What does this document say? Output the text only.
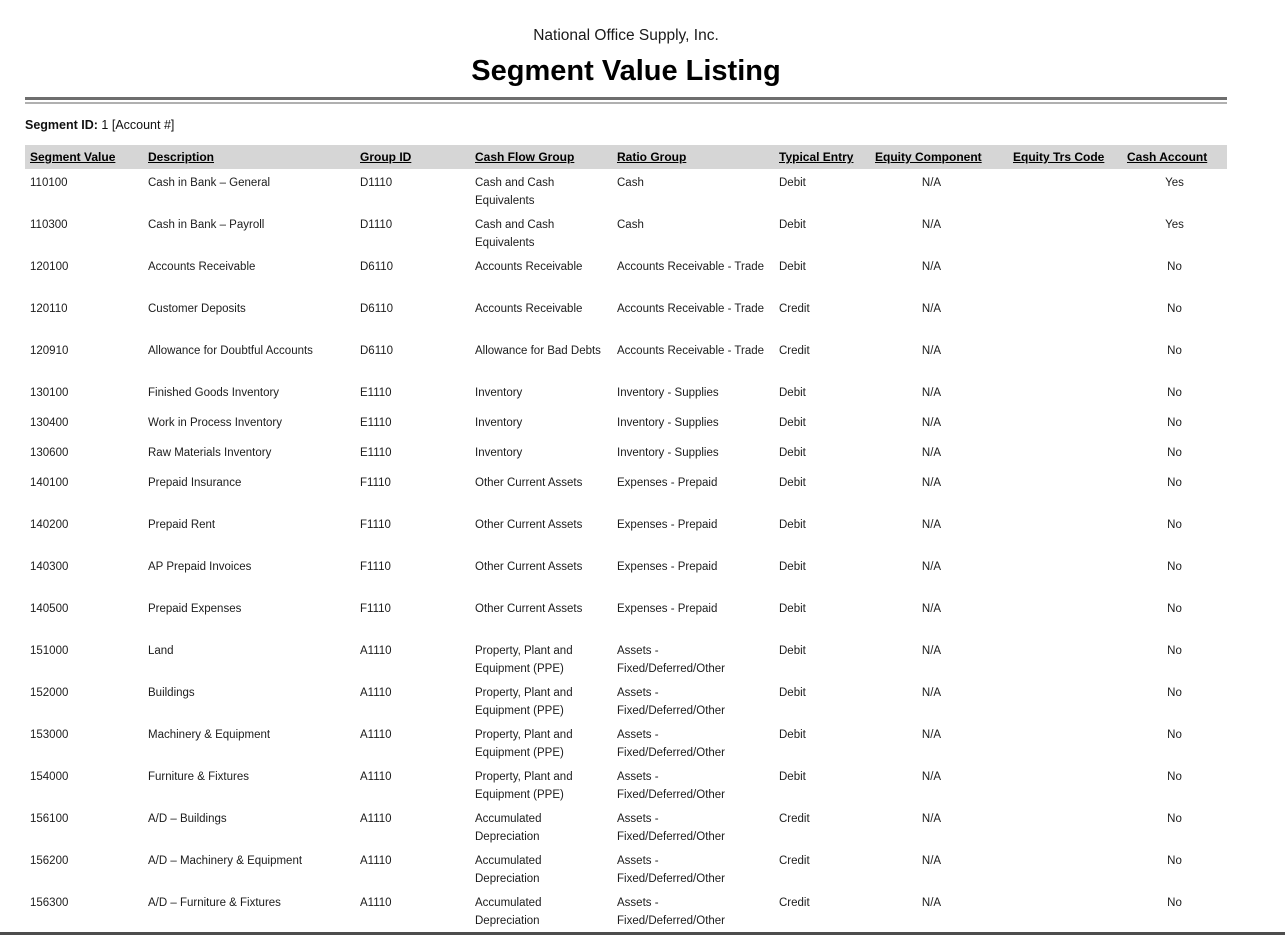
National Office Supply, Inc.
Segment Value Listing
Segment ID: 1 [Account #]
Segment Value	Description	Group ID	Cash Flow Group	Ratio Group	Typical Entry	Equity Component	Equity Trs Code	Cash Account
110100	Cash in Bank – General	D1110	Cash and Cash Equivalents	Cash	Debit	N/A		Yes
110300	Cash in Bank – Payroll	D1110	Cash and Cash Equivalents	Cash	Debit	N/A		Yes
120100	Accounts Receivable	D6110	Accounts Receivable	Accounts Receivable - Trade	Debit	N/A		No
120110	Customer Deposits	D6110	Accounts Receivable	Accounts Receivable - Trade	Credit	N/A		No
120910	Allowance for Doubtful Accounts	D6110	Allowance for Bad Debts	Accounts Receivable - Trade	Credit	N/A		No
130100	Finished Goods Inventory	E1110	Inventory	Inventory - Supplies	Debit	N/A		No
130400	Work in Process Inventory	E1110	Inventory	Inventory - Supplies	Debit	N/A		No
130600	Raw Materials Inventory	E1110	Inventory	Inventory - Supplies	Debit	N/A		No
140100	Prepaid Insurance	F1110	Other Current Assets	Expenses - Prepaid	Debit	N/A		No
140200	Prepaid Rent	F1110	Other Current Assets	Expenses - Prepaid	Debit	N/A		No
140300	AP Prepaid Invoices	F1110	Other Current Assets	Expenses - Prepaid	Debit	N/A		No
140500	Prepaid Expenses	F1110	Other Current Assets	Expenses - Prepaid	Debit	N/A		No
151000	Land	A1110	Property, Plant and Equipment (PPE)	Assets - Fixed/Deferred/Other	Debit	N/A		No
152000	Buildings	A1110	Property, Plant and Equipment (PPE)	Assets - Fixed/Deferred/Other	Debit	N/A		No
153000	Machinery & Equipment	A1110	Property, Plant and Equipment (PPE)	Assets - Fixed/Deferred/Other	Debit	N/A		No
154000	Furniture & Fixtures	A1110	Property, Plant and Equipment (PPE)	Assets - Fixed/Deferred/Other	Debit	N/A		No
156100	A/D – Buildings	A1110	Accumulated Depreciation	Assets - Fixed/Deferred/Other	Credit	N/A		No
156200	A/D – Machinery & Equipment	A1110	Accumulated Depreciation	Assets - Fixed/Deferred/Other	Credit	N/A		No
156300	A/D – Furniture & Fixtures	A1110	Accumulated Depreciation	Assets - Fixed/Deferred/Other	Credit	N/A		No
